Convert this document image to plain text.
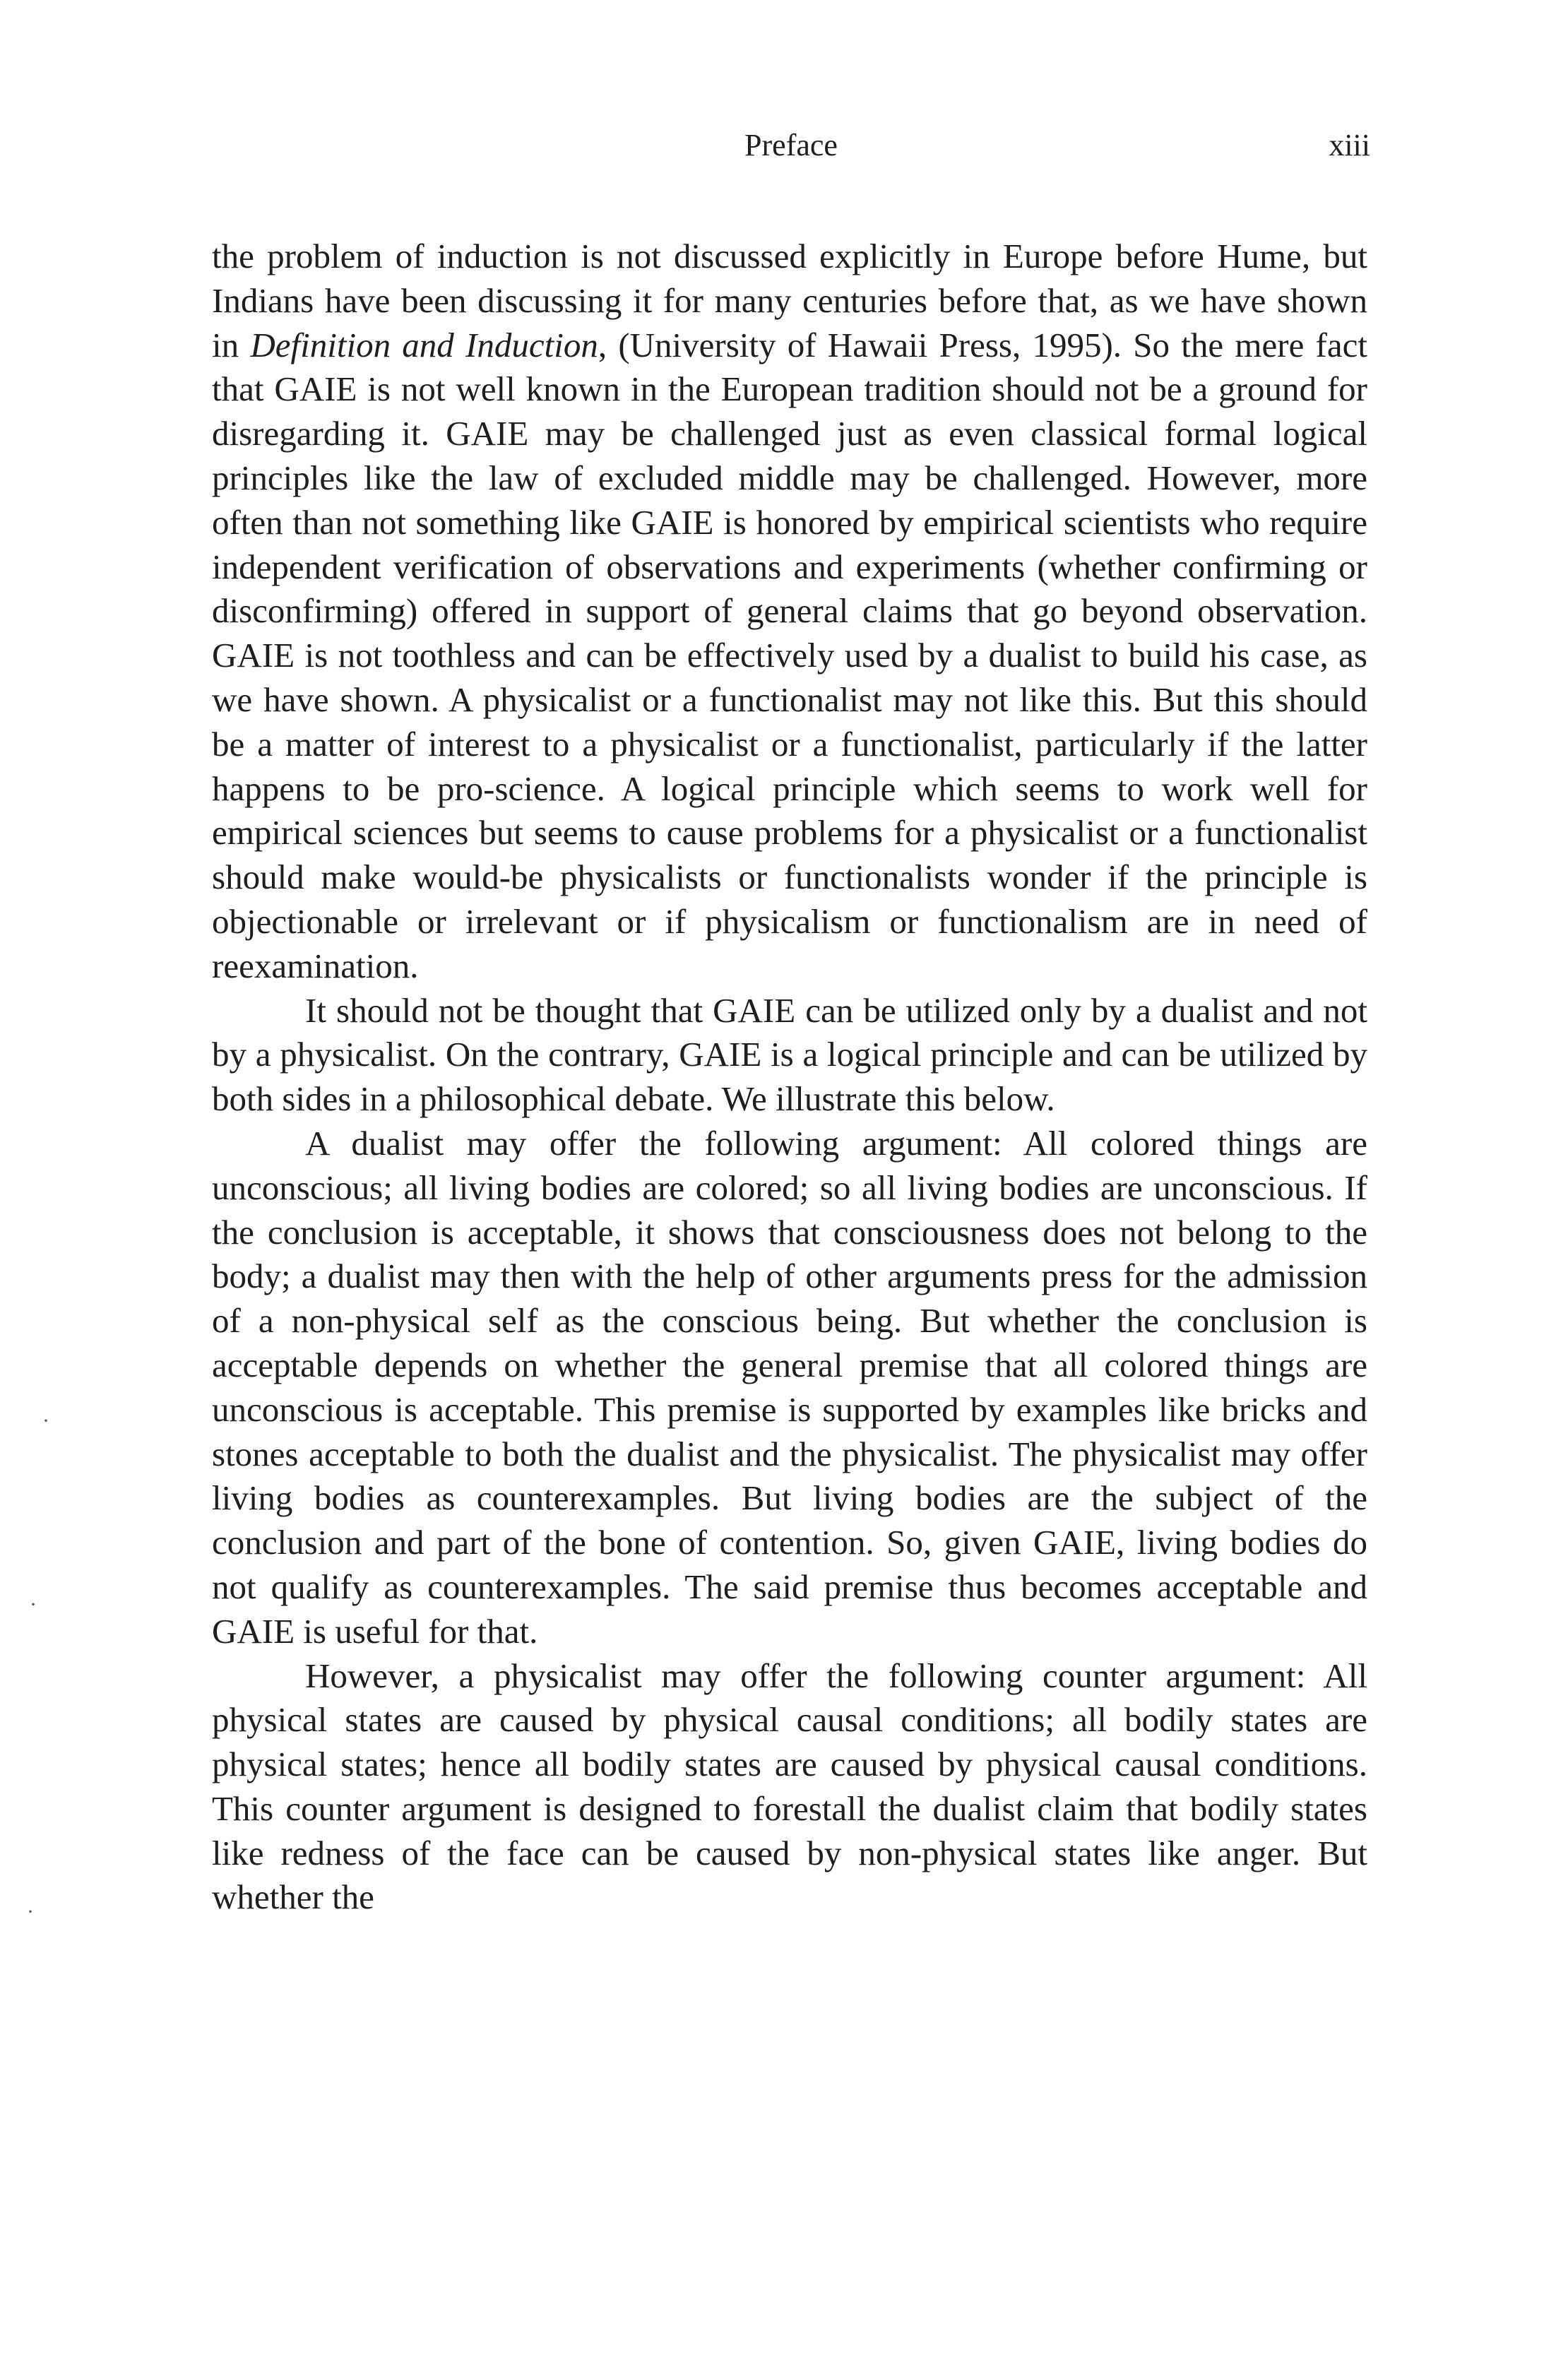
Preface	xiii

the problem of induction is not discussed explicitly in Europe before Hume, but Indians have been discussing it for many centuries before that, as we have shown in Definition and Induction, (University of Hawaii Press, 1995). So the mere fact that GAIE is not well known in the European tradition should not be a ground for disregarding it. GAIE may be challenged just as even classical formal logical principles like the law of excluded middle may be challenged. However, more often than not something like GAIE is honored by empirical scientists who require independent verification of observations and experiments (whether confirming or disconfirming) offered in support of general claims that go beyond observation. GAIE is not toothless and can be effectively used by a dualist to build his case, as we have shown. A physicalist or a functionalist may not like this. But this should be a matter of interest to a physicalist or a functionalist, particularly if the latter happens to be pro-science. A logical principle which seems to work well for empirical sciences but seems to cause problems for a physicalist or a functionalist should make would-be physicalists or functionalists wonder if the principle is objectionable or irrelevant or if physicalism or functionalism are in need of reexamination.

It should not be thought that GAIE can be utilized only by a dualist and not by a physicalist. On the contrary, GAIE is a logical principle and can be utilized by both sides in a philosophical debate. We illustrate this below.

A dualist may offer the following argument: All colored things are unconscious; all living bodies are colored; so all living bodies are unconscious. If the conclusion is acceptable, it shows that consciousness does not belong to the body; a dualist may then with the help of other arguments press for the admission of a non-physical self as the conscious being. But whether the conclusion is acceptable depends on whether the general premise that all colored things are unconscious is acceptable. This premise is supported by examples like bricks and stones acceptable to both the dualist and the physicalist. The physicalist may offer living bodies as counterexamples. But living bodies are the subject of the conclusion and part of the bone of contention. So, given GAIE, living bodies do not qualify as counterexamples. The said premise thus becomes acceptable and GAIE is useful for that.

However, a physicalist may offer the following counter argument: All physical states are caused by physical causal conditions; all bodily states are physical states; hence all bodily states are caused by physical causal conditions. This counter argument is designed to forestall the dualist claim that bodily states like redness of the face can be caused by non-physical states like anger. But whether the

·
·
·
